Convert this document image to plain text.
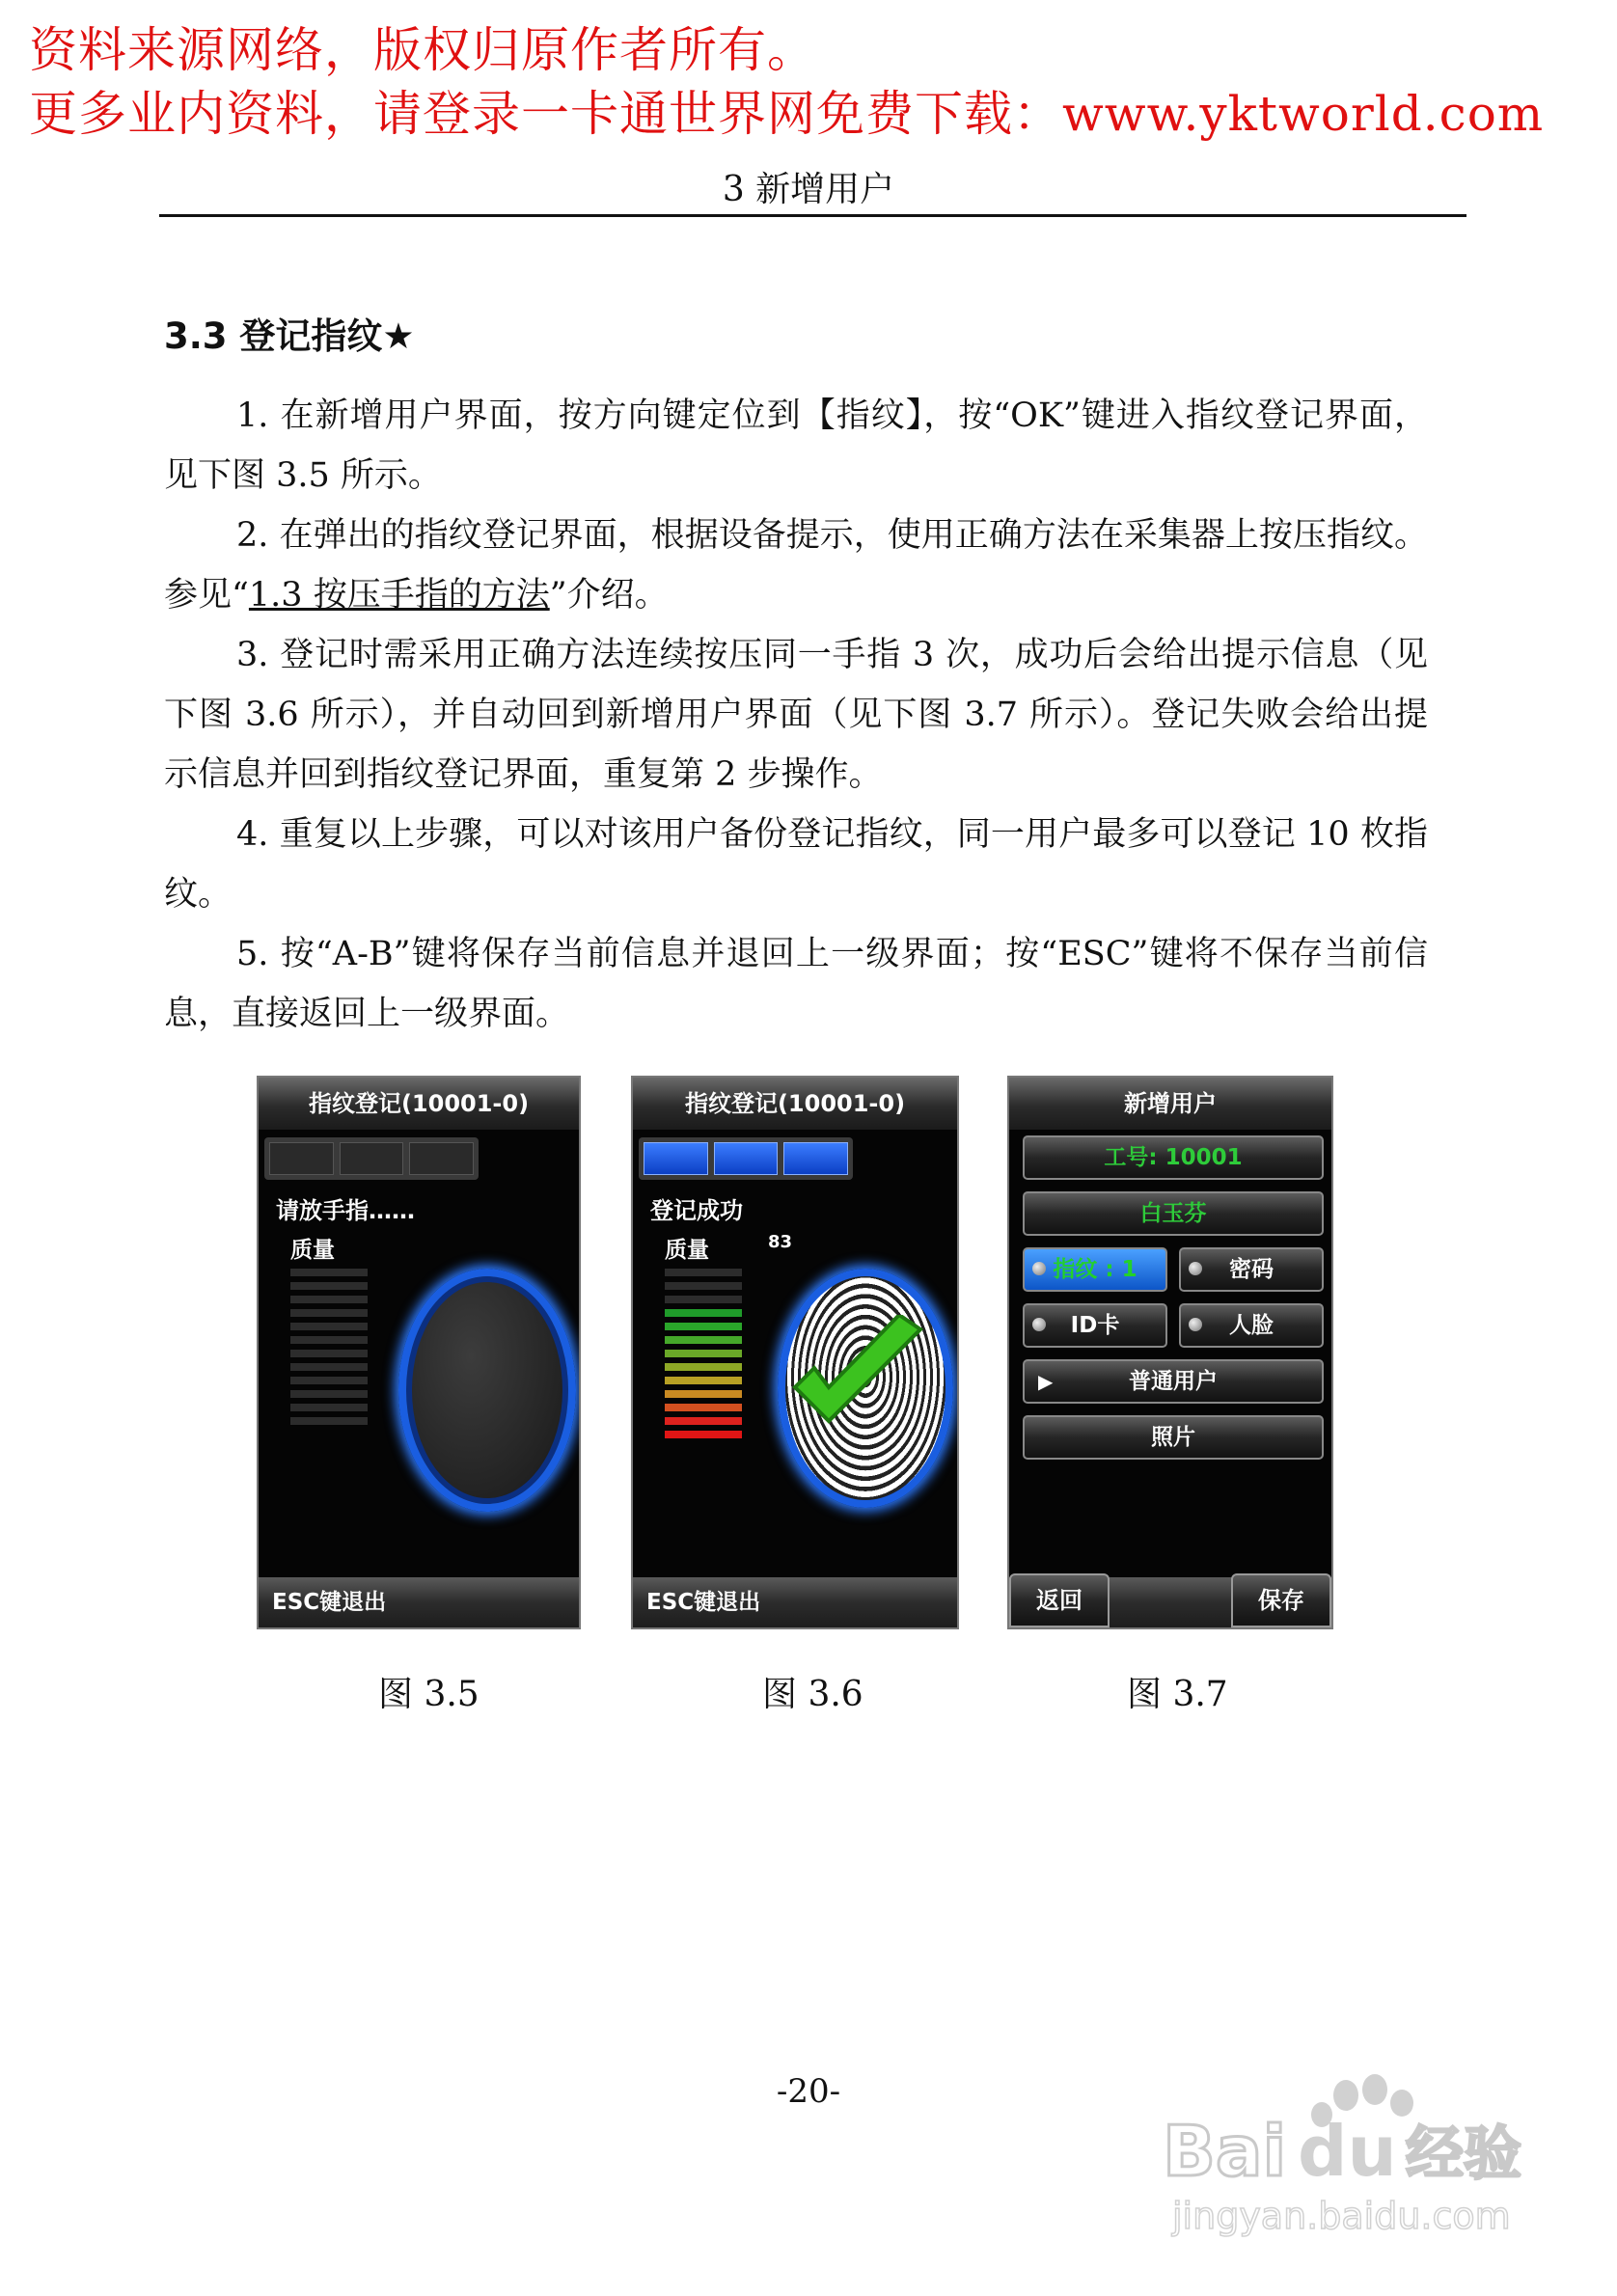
资料来源网络，版权归原作者所有。
更多业内资料，请登录一卡通世界网免费下载：www.yktworld.com
3 新增用户
3.3 登记指纹★
1. 在新增用户界面，按方向键定位到【指纹】，按“OK”键进入指纹登记界面，见下图 3.5 所示。
2. 在弹出的指纹登记界面，根据设备提示，使用正确方法在采集器上按压指纹。参见“1.3 按压手指的方法”介绍。
3. 登记时需采用正确方法连续按压同一手指 3 次，成功后会给出提示信息（见下图 3.6 所示），并自动回到新增用户界面（见下图 3.7 所示）。登记失败会给出提示信息并回到指纹登记界面，重复第 2 步操作。
4. 重复以上步骤，可以对该用户备份登记指纹，同一用户最多可以登记 10 枚指纹。
5. 按“A-B”键将保存当前信息并退回上一级界面；按“ESC”键将不保存当前信息，直接返回上一级界面。
指纹登记(10001-0)
请放手指……
质量
ESC键退出
指纹登记(10001-0)
登记成功
质量	83
ESC键退出
新增用户
工号: 10001
白玉芬
指纹 : 1	密码
ID卡	人脸
▶	普通用户
照片
返回	保存
图 3.5	图 3.6	图 3.7
-20-
Bai du 经验
jingyan.baidu.com
